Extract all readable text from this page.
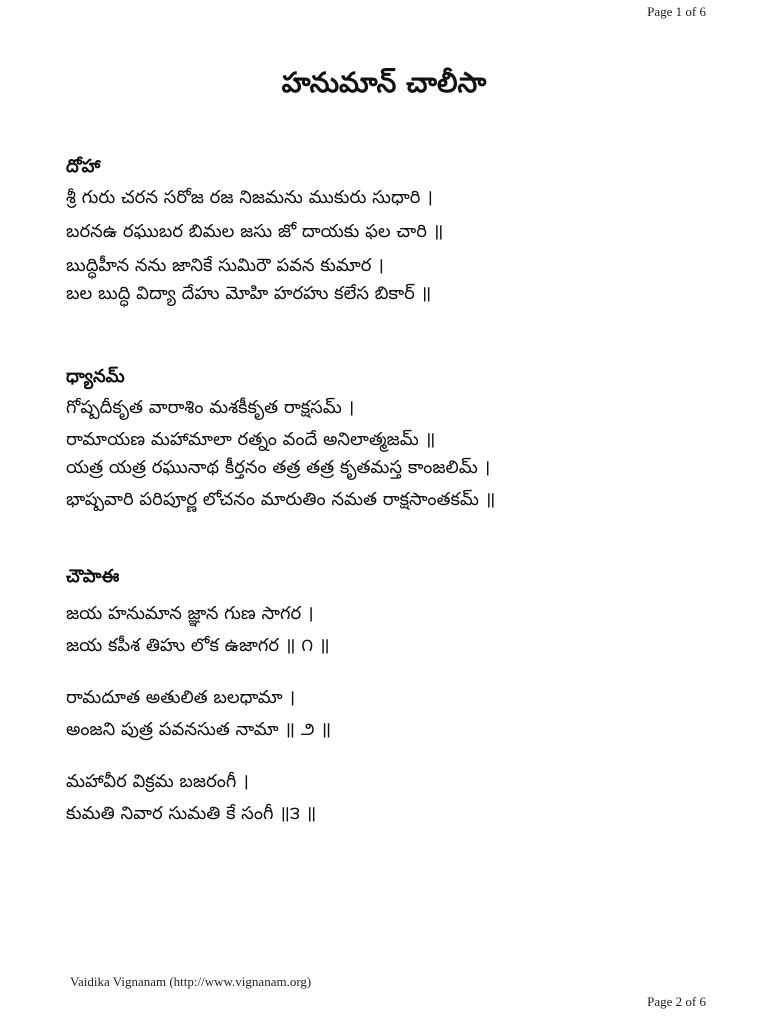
Page 1 of 6
హనుమాన్ చాలీసా
దోహా
శ్రీ గురు చరన సరోజ రజ నిజమను ముకురు సుధారి ।
బరనఉ రఘుబర బిమల జసు జో దాయకు ఫల చారి ॥
బుద్ధిహీన నను జానికే సుమిరౌ పవన కుమార ।
బల బుద్ధి విద్యా దేహు మోహి హరహు కలేస బికార్ ॥
ధ్యానమ్
గోష్పదీకృత వారాశిం మశకీకృత రాక్షసమ్ ।
రామాయణ మహామాలా రత్నం వందే అనిలాత్మజమ్ ॥
యత్ర యత్ర రఘునాథ కీర్తనం తత్ర తత్ర కృతమస్త కాంజలిమ్ ।
భాష్పవారి పరిపూర్ణ లోచనం మారుతిం నమత రాక్షసాంతకమ్ ॥
చౌపాఈ
జయ హనుమాన జ్ఞాన గుణ సాగర ।
జయ కపీశ తిహు లోక ఉజాగర ॥ ౧ ॥
రామదూత అతులిత బలధామా ।
అంజని పుత్ర పవనసుత నామా ॥ ౨ ॥
మహావీర విక్రమ బజరంగీ ।
కుమతి నివార సుమతి కే సంగీ ॥౩ ॥
Vaidika Vignanam (http://www.vignanam.org)
Page 2 of 6
